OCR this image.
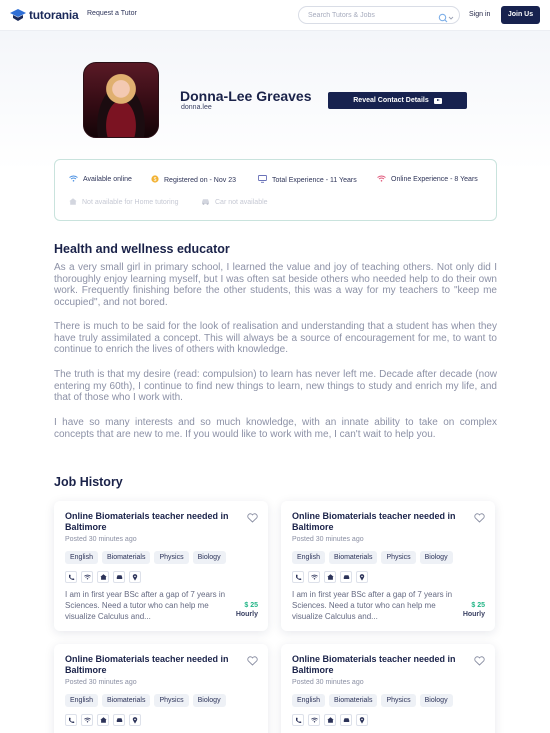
tutorania Request a Tutor
Search Tutors & Jobs	Sign in	Join Us
Donna-Lee Greaves
donna.lee
Reveal Contact Details
Available online	$ Registered on - Nov 23	Total Experience - 11 Years	Online Experience - 8 Years
Not available for Home tutoring	Car not available
Health and wellness educator

As a very small girl in primary school, I learned the value and joy of teaching others. Not only did I thoroughly enjoy learning myself, but I was often sat beside others who needed help to do their own work. Frequently finishing before the other students, this was a way for my teachers to "keep me occupied", and not bored.

There is much to be said for the look of realisation and understanding that a student has when they have truly assimilated a concept. This will always be a source of encouragement for me, to want to continue to enrich the lives of others with knowledge.

The truth is that my desire (read: compulsion) to learn has never left me. Decade after decade (now entering my 60th), I continue to find new things to learn, new things to study and enrich my life, and that of those who I work with.

I have so many interests and so much knowledge, with an innate ability to take on complex concepts that are new to me. If you would like to work with me, I can't wait to help you.

Job History
Online Biomaterials teacher needed in Baltimore
Posted 30 minutes ago
English	Biomaterials	Physics	Biology
I am in first year BSc after a gap of 7 years in Sciences. Need a tutor who can help me visualize Calculus and...
$ 25
Hourly
Online Biomaterials teacher needed in Baltimore
Posted 30 minutes ago
English	Biomaterials	Physics	Biology
I am in first year BSc after a gap of 7 years in Sciences. Need a tutor who can help me visualize Calculus and...
$ 25
Hourly
Online Biomaterials teacher needed in Baltimore
Posted 30 minutes ago
English	Biomaterials	Physics	Biology
Online Biomaterials teacher needed in Baltimore
Posted 30 minutes ago
English	Biomaterials	Physics	Biology
